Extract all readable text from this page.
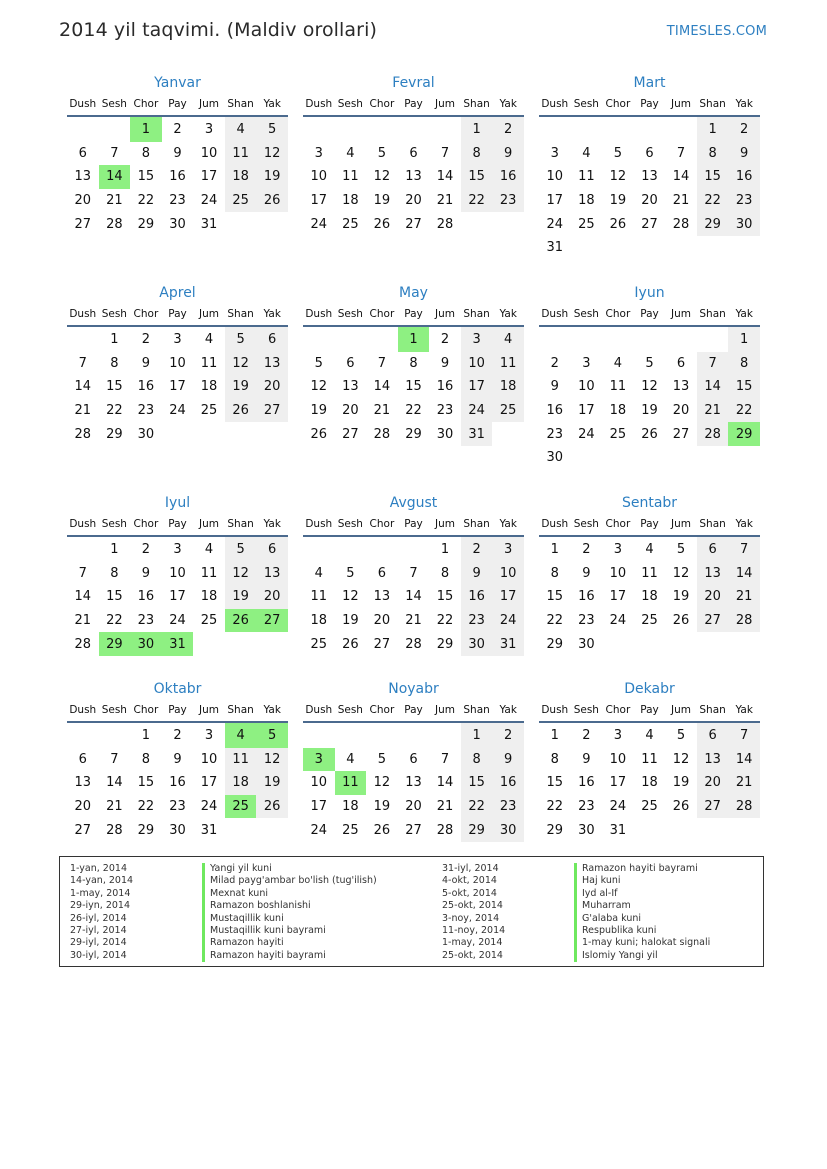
2014 yil taqvimi. (Maldiv orollari)	TIMESLES.COM
Yanvar
Dush	Sesh	Chor	Pay	Jum	Shan	Yak
		1	2	3	4	5
6	7	8	9	10	11	12
13	14	15	16	17	18	19
20	21	22	23	24	25	26
27	28	29	30	31		
Fevral
Dush	Sesh	Chor	Pay	Jum	Shan	Yak
					1	2
3	4	5	6	7	8	9
10	11	12	13	14	15	16
17	18	19	20	21	22	23
24	25	26	27	28		
Mart
Dush	Sesh	Chor	Pay	Jum	Shan	Yak
					1	2
3	4	5	6	7	8	9
10	11	12	13	14	15	16
17	18	19	20	21	22	23
24	25	26	27	28	29	30
31						
Aprel
Dush	Sesh	Chor	Pay	Jum	Shan	Yak
	1	2	3	4	5	6
7	8	9	10	11	12	13
14	15	16	17	18	19	20
21	22	23	24	25	26	27
28	29	30				
May
Dush	Sesh	Chor	Pay	Jum	Shan	Yak
			1	2	3	4
5	6	7	8	9	10	11
12	13	14	15	16	17	18
19	20	21	22	23	24	25
26	27	28	29	30	31	
Iyun
Dush	Sesh	Chor	Pay	Jum	Shan	Yak
						1
2	3	4	5	6	7	8
9	10	11	12	13	14	15
16	17	18	19	20	21	22
23	24	25	26	27	28	29
30						
Iyul
Dush	Sesh	Chor	Pay	Jum	Shan	Yak
	1	2	3	4	5	6
7	8	9	10	11	12	13
14	15	16	17	18	19	20
21	22	23	24	25	26	27
28	29	30	31			
Avgust
Dush	Sesh	Chor	Pay	Jum	Shan	Yak
				1	2	3
4	5	6	7	8	9	10
11	12	13	14	15	16	17
18	19	20	21	22	23	24
25	26	27	28	29	30	31
Sentabr
Dush	Sesh	Chor	Pay	Jum	Shan	Yak
1	2	3	4	5	6	7
8	9	10	11	12	13	14
15	16	17	18	19	20	21
22	23	24	25	26	27	28
29	30					
Oktabr
Dush	Sesh	Chor	Pay	Jum	Shan	Yak
		1	2	3	4	5
6	7	8	9	10	11	12
13	14	15	16	17	18	19
20	21	22	23	24	25	26
27	28	29	30	31		
Noyabr
Dush	Sesh	Chor	Pay	Jum	Shan	Yak
					1	2
3	4	5	6	7	8	9
10	11	12	13	14	15	16
17	18	19	20	21	22	23
24	25	26	27	28	29	30
Dekabr
Dush	Sesh	Chor	Pay	Jum	Shan	Yak
1	2	3	4	5	6	7
8	9	10	11	12	13	14
15	16	17	18	19	20	21
22	23	24	25	26	27	28
29	30	31				
1-yan, 2014	Yangi yil kuni
14-yan, 2014	Milad payg'ambar bo'lish (tug'ilish)
1-may, 2014	Mexnat kuni
29-iyn, 2014	Ramazon boshlanishi
26-iyl, 2014	Mustaqillik kuni
27-iyl, 2014	Mustaqillik kuni bayrami
29-iyl, 2014	Ramazon hayiti
30-iyl, 2014	Ramazon hayiti bayrami
31-iyl, 2014	Ramazon hayiti bayrami
4-okt, 2014	Haj kuni
5-okt, 2014	Iyd al-If
25-okt, 2014	Muharram
3-noy, 2014	G'alaba kuni
11-noy, 2014	Respublika kuni
1-may, 2014	1-may kuni; halokat signali
25-okt, 2014	Islomiy Yangi yil
